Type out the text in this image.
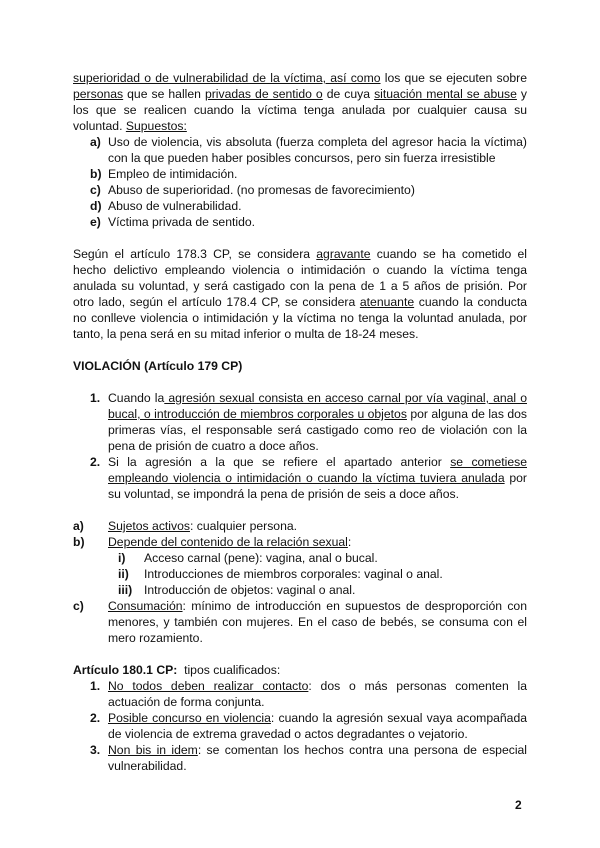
superioridad o de vulnerabilidad de la víctima, así como los que se ejecuten sobre personas que se hallen privadas de sentido o de cuya situación mental se abuse y los que se realicen cuando la víctima tenga anulada por cualquier causa su voluntad. Supuestos:

a) Uso de violencia, vis absoluta (fuerza completa del agresor hacia la víctima) con la que pueden haber posibles concursos, pero sin fuerza irresistible
b) Empleo de intimidación.
c) Abuso de superioridad. (no promesas de favorecimiento)
d) Abuso de vulnerabilidad.
e) Víctima privada de sentido.

Según el artículo 178.3 CP, se considera agravante cuando se ha cometido el hecho delictivo empleando violencia o intimidación o cuando la víctima tenga anulada su voluntad, y será castigado con la pena de 1 a 5 años de prisión. Por otro lado, según el artículo 178.4 CP, se considera atenuante cuando la conducta no conlleve violencia o intimidación y la víctima no tenga la voluntad anulada, por tanto, la pena será en su mitad inferior o multa de 18-24 meses.

VIOLACIÓN (Artículo 179 CP)

1. Cuando la agresión sexual consista en acceso carnal por vía vaginal, anal o bucal, o introducción de miembros corporales u objetos por alguna de las dos primeras vías, el responsable será castigado como reo de violación con la pena de prisión de cuatro a doce años.
2. Si la agresión a la que se refiere el apartado anterior se cometiese empleando violencia o intimidación o cuando la víctima tuviera anulada por su voluntad, se impondrá la pena de prisión de seis a doce años.
a)	Sujetos activos: cualquier persona.
b)	Depende del contenido de la relación sexual:
i)	Acceso carnal (pene): vagina, anal o bucal.
ii)	Introducciones de miembros corporales: vaginal o anal.
iii) Introducción de objetos: vaginal o anal.
c)	Consumación: mínimo de introducción en supuestos de desproporción con menores, y también con mujeres. En el caso de bebés, se consuma con el mero rozamiento.

Artículo 180.1 CP:  tipos cualificados:

1. No todos deben realizar contacto: dos o más personas comenten la actuación de forma conjunta.
2. Posible concurso en violencia: cuando la agresión sexual vaya acompañada de violencia de extrema gravedad o actos degradantes o vejatorio.
3. Non bis in idem: se comentan los hechos contra una persona de especial vulnerabilidad.
2
